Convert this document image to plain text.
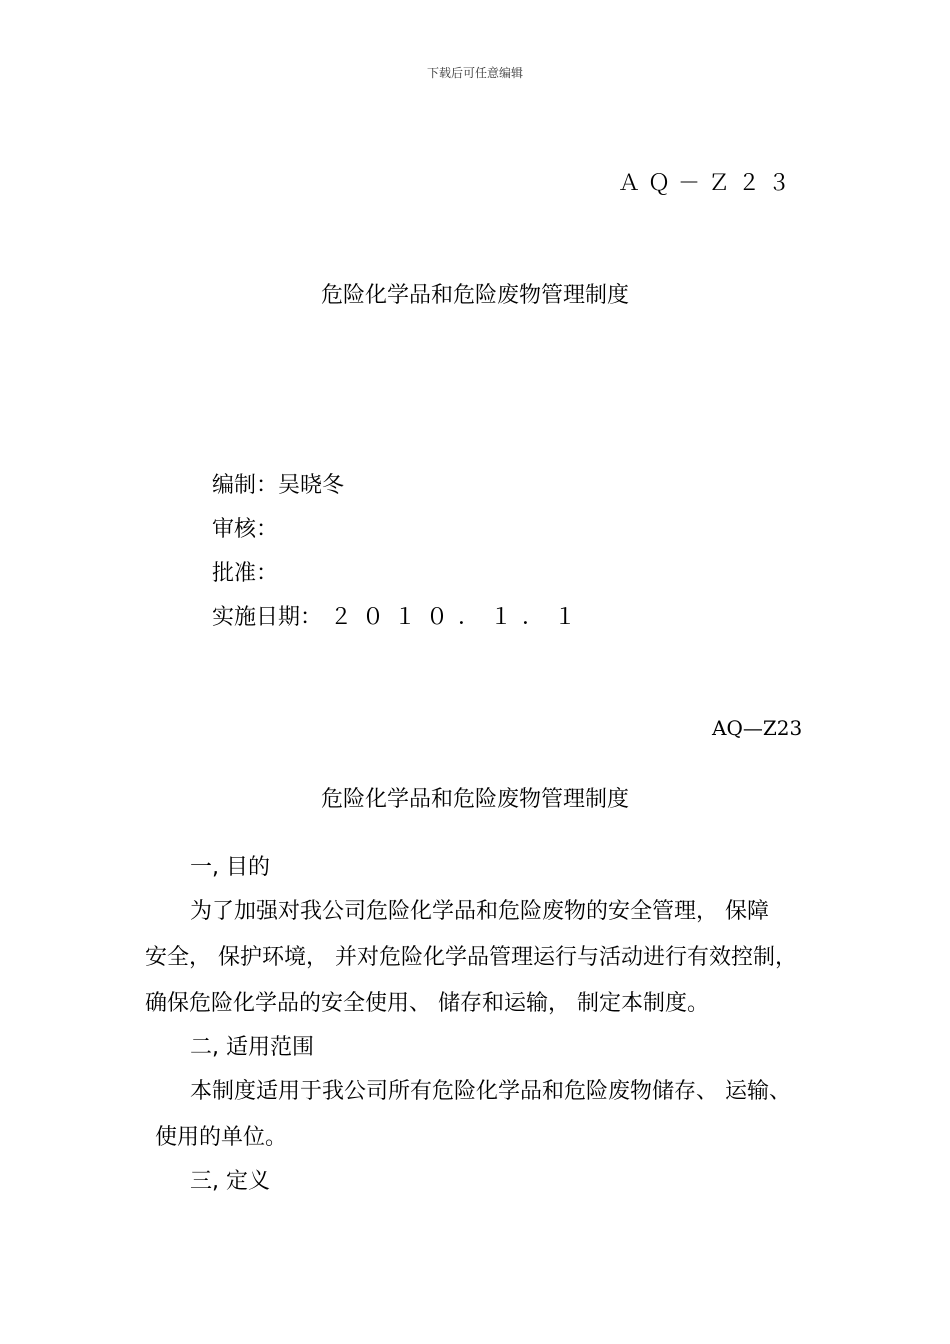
下载后可任意编辑
ＡＱ－Ｚ２３
危险化学品和危险废物管理制度
编制：吴晓冬
审核：
批准：
实施日期： ２０１０．１．１
AQ—Z23
危险化学品和危险废物管理制度
一, 目的
为了加强对我公司危险化学品和危险废物的安全管理， 保障
安全， 保护环境， 并对危险化学品管理运行与活动进行有效控制，
确保危险化学品的安全使用、 储存和运输， 制定本制度。
二, 适用范围
本制度适用于我公司所有危险化学品和危险废物储存、 运输、
使用的单位。
三, 定义
